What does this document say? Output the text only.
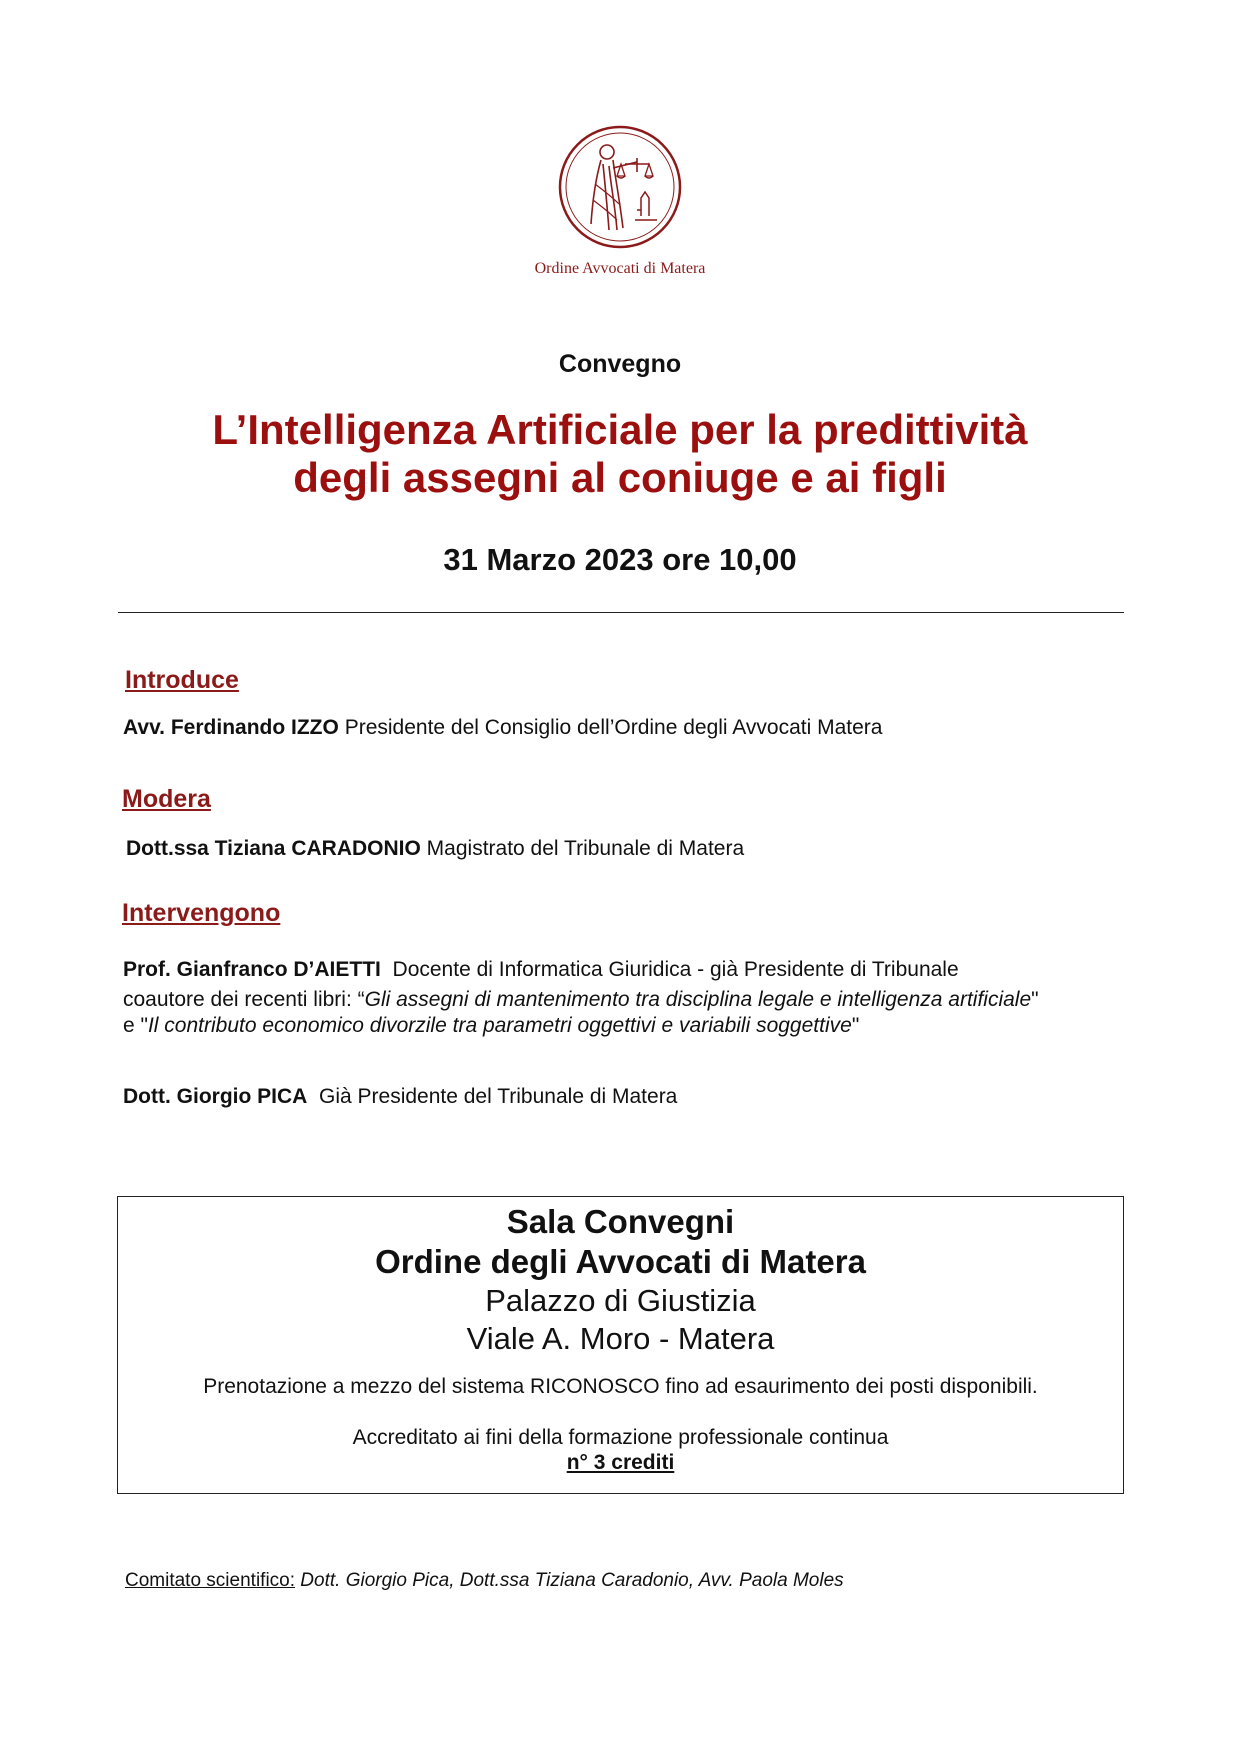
Ordine Avvocati di Matera
Convegno
L’Intelligenza Artificiale per la predittività
degli assegni al coniuge e ai figli
31 Marzo 2023 ore 10,00
Introduce
Avv. Ferdinando IZZO Presidente del Consiglio dell’Ordine degli Avvocati Matera
Modera
Dott.ssa Tiziana CARADONIO Magistrato del Tribunale di Matera
Intervengono
Prof. Gianfranco D’AIETTI Docente di Informatica Giuridica - già Presidente di Tribunale
coautore dei recenti libri: “Gli assegni di mantenimento tra disciplina legale e intelligenza artificiale"
e "Il contributo economico divorzile tra parametri oggettivi e variabili soggettive"
Dott. Giorgio PICA Già Presidente del Tribunale di Matera
Sala Convegni
Ordine degli Avvocati di Matera
Palazzo di Giustizia
Viale A. Moro - Matera
Prenotazione a mezzo del sistema RICONOSCO fino ad esaurimento dei posti disponibili.
Accreditato ai fini della formazione professionale continua
n° 3 crediti
Comitato scientifico: Dott. Giorgio Pica, Dott.ssa Tiziana Caradonio, Avv. Paola Moles
